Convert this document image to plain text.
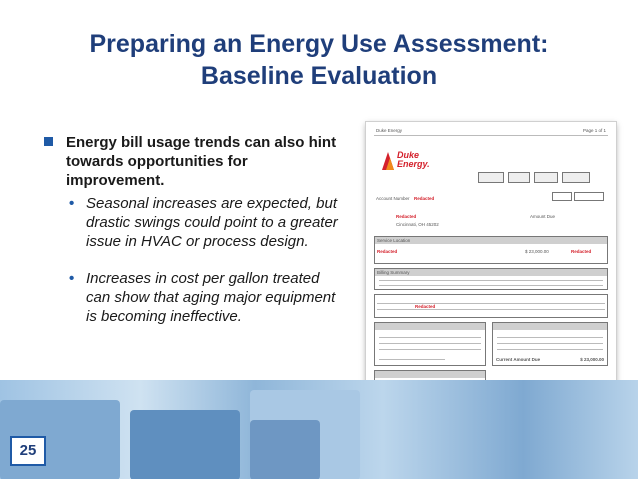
Preparing an Energy Use Assessment:
Baseline Evaluation
Energy bill usage trends can also hint towards opportunities for improvement.
• Seasonal increases are expected, but drastic swings could point to a greater issue in HVAC or process design.
• Increases in cost per gallon treated can show that aging major equipment is becoming ineffective.
Duke Energy	Page 1 of 1
Duke
Energy.
Account Number Redacted
Redacted
Cincinnati, OH 45202
Amount Due
Service Location
Redacted	Redacted
$ 23,000.00
Billing Summary
Redacted
Current Amount Due	$ 23,000.00
25
